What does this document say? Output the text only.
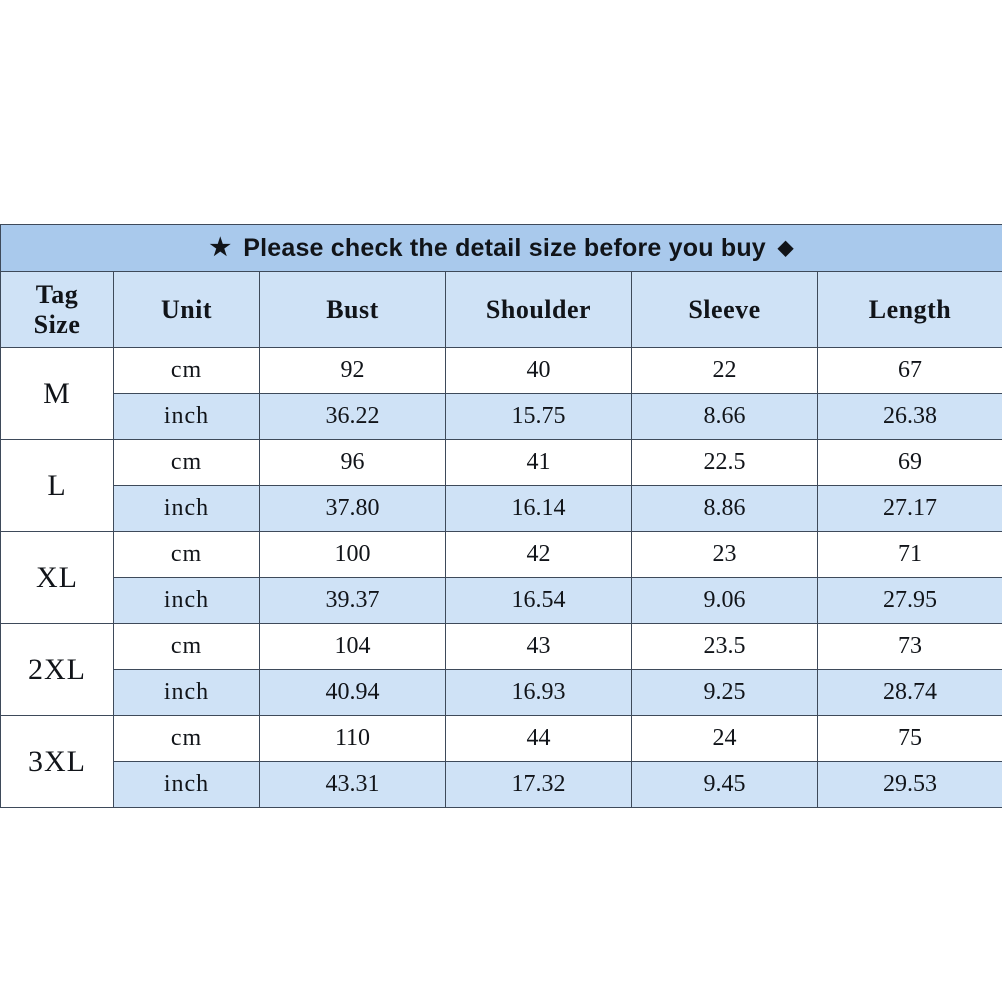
★ Please check the detail size before you buy ◆					

Tag
Size	Unit	Bust	Shoulder	Sleeve	Length
M	cm	92	40	22	67
	inch	36.22	15.75	8.66	26.38
L	cm	96	41	22.5	69
	inch	37.80	16.14	8.86	27.17
XL	cm	100	42	23	71
	inch	39.37	16.54	9.06	27.95
2XL	cm	104	43	23.5	73
	inch	40.94	16.93	9.25	28.74
3XL	cm	110	44	24	75
	inch	43.31	17.32	9.45	29.53
